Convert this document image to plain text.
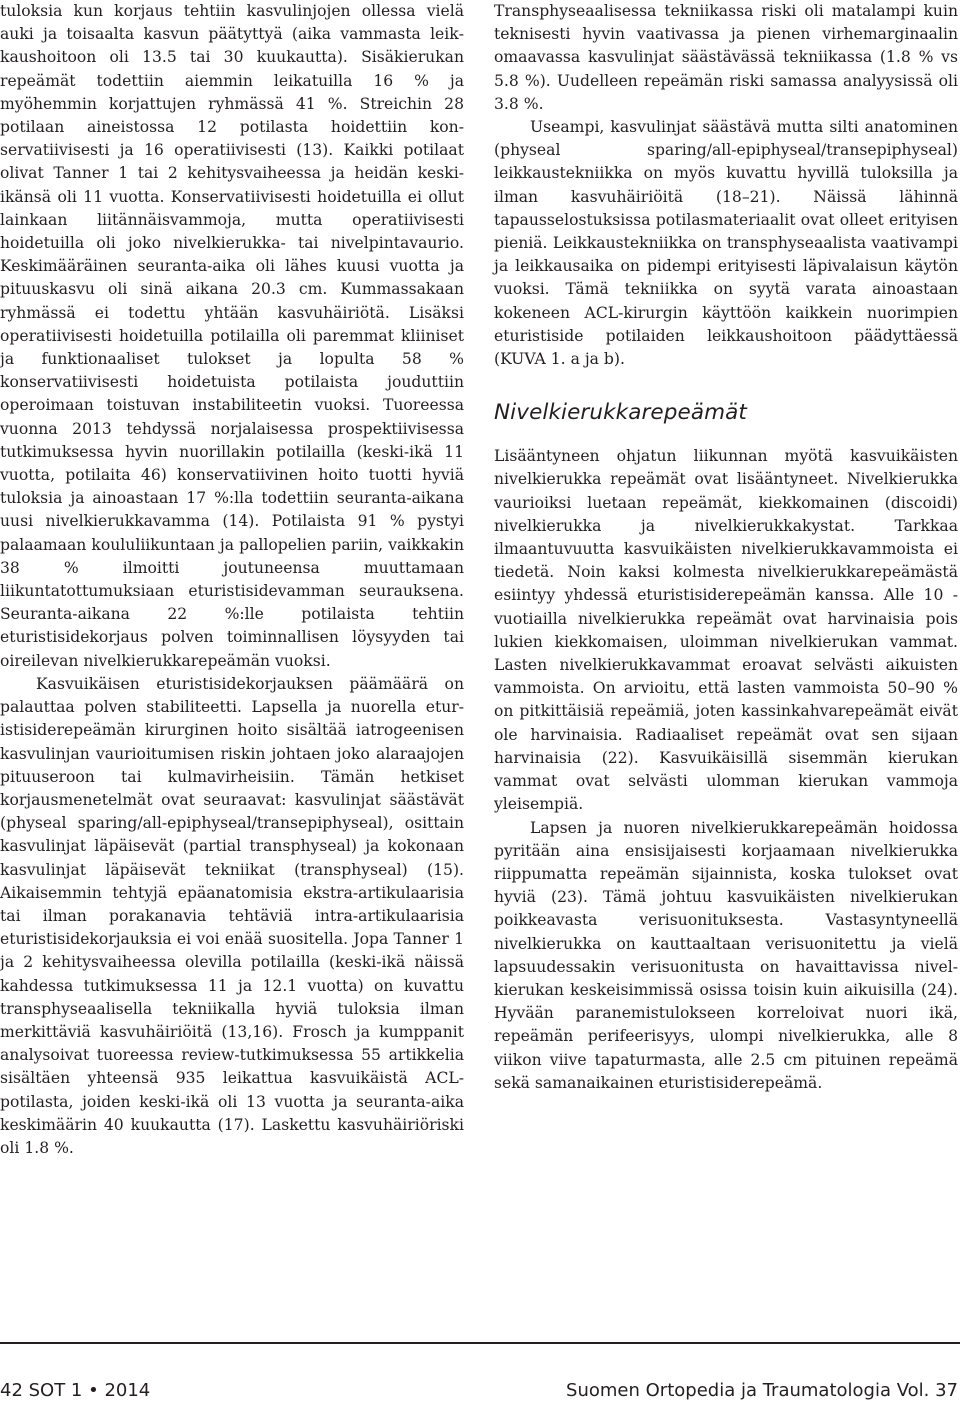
tuloksia kun korjaus tehtiin kasvulinjojen ollessa vielä auki ja toisaalta kasvun päätyttyä (aika vammasta leikkaushoitoon oli 13.5 tai 30 kuukautta). Sisäkierukan repeämät todettiin aiemmin leikatuilla 16 % ja myöhemmin korjattujen ryhmässä 41 %. Streichin 28 potilaan aineistossa 12 potilasta hoidettiin konservatiivisesti ja 16 operatiivisesti (13). Kaikki potilaat olivat Tanner 1 tai 2 kehitysvaiheessa ja heidän keskiikänsä oli 11 vuotta. Konservatiivisesti hoidetuilla ei ollut lainkaan liitännäisvammoja, mutta operatiivisesti hoidetuilla oli joko nivelkierukka- tai nivelpintavaurio. Keskimääräinen seuranta-aika oli lähes kuusi vuotta ja pituuskasvu oli sinä aikana 20.3 cm. Kummassakaan ryhmässä ei todettu yhtään kasvuhäiriötä. Lisäksi operatiivisesti hoidetuilla potilailla oli paremmat kliiniset ja funktionaaliset tulokset ja lopulta 58 % konservatiivisesti hoidetuista potilaista jouduttiin operoimaan toistuvan instabiliteetin vuoksi. Tuoreessa vuonna 2013 tehdyssä norjalaisessa prospektiivisessa tutkimuksessa hyvin nuorillakin potilailla (keski-ikä 11 vuotta, potilaita 46) konservatiivinen hoito tuotti hyviä tuloksia ja ainoastaan 17 %:lla todettiin seuranta-aikana uusi nivelkierukkavamma (14). Potilaista 91 % pystyi palaamaan koululiikuntaan ja pallopelien pariin, vaikkakin 38 % ilmoitti joutuneensa muuttamaan liikuntatottumuksiaan eturistisidevamman seurauksena. Seuranta-aikana 22 %:lle potilaista tehtiin eturistisidekorjaus polven toiminnallisen löysyyden tai oireilevan nivelkierukkarepeämän vuoksi.

Kasvuikäisen eturistisidekorjauksen päämäärä on palauttaa polven stabiliteetti. Lapsella ja nuorella eturistisiderepeämän kirurginen hoito sisältää iatrogeenisen kasvulinjan vaurioitumisen riskin johtaen joko alaraajojen pituuseroon tai kulmavirheisiin. Tämän hetkiset korjausmenetelmät ovat seuraavat: kasvulinjat säästävät (physeal sparing/all-epiphyseal/transepiphyseal), osittain kasvulinjat läpäisevät (partial transphyseal) ja kokonaan kasvulinjat läpäisevät tekniikat (transphyseal) (15). Aikaisemmin tehtyjä epäanatomisia ekstra-artikulaarisia tai ilman porakanavia tehtäviä intra-artikulaarisia eturistisidekorjauksia ei voi enää suositella. Jopa Tanner 1 ja 2 kehitysvaiheessa olevilla potilailla (keski-ikä näissä kahdessa tutkimuksessa 11 ja 12.1 vuotta) on kuvattu transphyseaalisella tekniikalla hyviä tuloksia ilman merkittäviä kasvuhäiriöitä (13,16). Frosch ja kumppanit analysoivat tuoreessa review-tutkimuksessa 55 artikkelia sisältäen yhteensä 935 leikattua kasvuikäistä ACL-potilasta, joiden keski-ikä oli 13 vuotta ja seuranta-aika keskimäärin 40 kuukautta (17). Laskettu kasvuhäiriöriski oli 1.8 %.

Transphyseaalisessa tekniikassa riski oli matalampi kuin teknisesti hyvin vaativassa ja pienen virhemarginaalin omaavassa kasvulinjat säästävässä tekniikassa (1.8 % vs 5.8 %). Uudelleen repeämän riski samassa analyysissä oli 3.8 %.

Useampi, kasvulinjat säästävä mutta silti anatominen (physeal sparing/all-epiphyseal/transepiphyseal) leikkaustekniikka on myös kuvattu hyvillä tuloksilla ja ilman kasvuhäiriöitä (18–21). Näissä lähinnä tapausselostuksissa potilasmateriaalit ovat olleet erityisen pieniä. Leikkaustekniikka on transphyseaalista vaativampi ja leikkausaika on pidempi erityisesti läpivalaisun käytön vuoksi. Tämä tekniikka on syytä varata ainoastaan kokeneen ACL-kirurgin käyttöön kaikkein nuorimpien eturistiside potilaiden leikkaushoitoon päädyttäessä (KUVA 1. a ja b).

Nivelkierukkarepeämät

Lisääntyneen ohjatun liikunnan myötä kasvuikäisten nivelkierukka repeämät ovat lisääntyneet. Nivelkierukka vaurioiksi luetaan repeämät, kiekkomainen (discoidi) nivelkierukka ja nivelkierukkakystat. Tarkkaa ilmaantuvuutta kasvuikäisten nivelkierukkavammoista ei tiedetä. Noin kaksi kolmesta nivelkierukkarepeämästä esiintyy yhdessä eturistisiderepeämän kanssa. Alle 10 -vuotiailla nivelkierukka repeämät ovat harvinaisia pois lukien kiekkomaisen, uloimman nivelkierukan vammat. Lasten nivelkierukkavammat eroavat selvästi aikuisten vammoista. On arvioitu, että lasten vammoista 50–90 % on pitkittäisiä repeämiä, joten kassinkahvarepeämät eivät ole harvinaisia. Radiaaliset repeämät ovat sen sijaan harvinaisia (22). Kasvuikäisillä sisemmän kierukan vammat ovat selvästi ulomman kierukan vammoja yleisempiä.

Lapsen ja nuoren nivelkierukkarepeämän hoidossa pyritään aina ensisijaisesti korjaamaan nivelkierukka riippumatta repeämän sijainnista, koska tulokset ovat hyviä (23). Tämä johtuu kasvuikäisten nivelkierukan poikkeavasta verisuonituksesta. Vastasyntyneellä nivelkierukka on kauttaaltaan verisuonitettu ja vielä lapsuudessakin verisuonitusta on havaittavissa nivelkierukan keskeisimmissä osissa toisin kuin aikuisilla (24). Hyvään paranemistulokseen korreloivat nuori ikä, repeämän perifeerisyys, ulompi nivelkierukka, alle 8 viikon viive tapaturmasta, alle 2.5 cm pituinen repeämä sekä samanaikainen eturistisiderepeämä.

42 SOT 1 • 2014	Suomen Ortopedia ja Traumatologia Vol. 37
